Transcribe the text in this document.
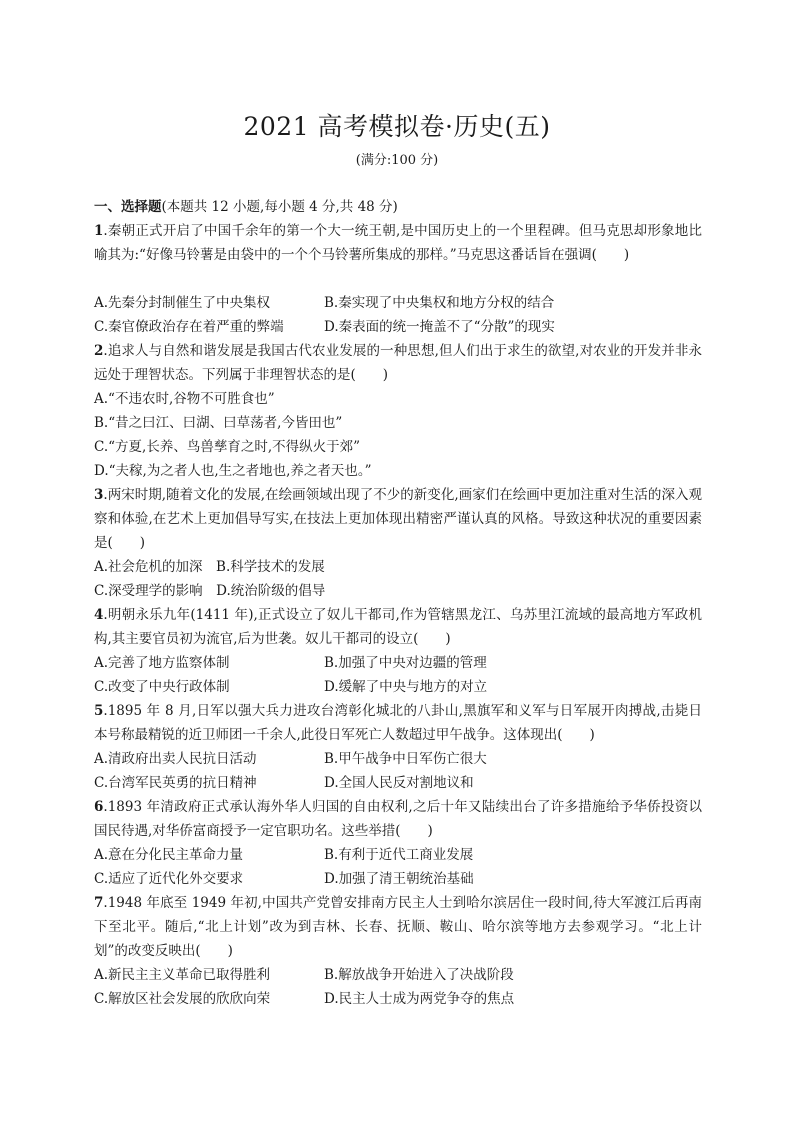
2021 高考模拟卷·历史(五)
(满分:100 分)
一、选择题(本题共 12 小题,每小题 4 分,共 48 分)

1.秦朝正式开启了中国千余年的第一个大一统王朝,是中国历史上的一个里程碑。但马克思却形象地比喻其为:“好像马铃薯是由袋中的一个个马铃薯所集成的那样。”马克思这番话旨在强调(　　)

A.先秦分封制催生了中央集权	B.秦实现了中央集权和地方分权的结合
C.秦官僚政治存在着严重的弊端	D.秦表面的统一掩盖不了“分散”的现实

2.追求人与自然和谐发展是我国古代农业发展的一种思想,但人们出于求生的欲望,对农业的开发并非永远处于理智状态。下列属于非理智状态的是(　　)

A.“不违农时,谷物不可胜食也”
B.“昔之曰江、曰湖、曰草荡者,今皆田也”
C.“方夏,长养、鸟兽孳育之时,不得纵火于郊”
D.“夫稼,为之者人也,生之者地也,养之者天也。”

3.两宋时期,随着文化的发展,在绘画领域出现了不少的新变化,画家们在绘画中更加注重对生活的深入观察和体验,在艺术上更加倡导写实,在技法上更加体现出精密严谨认真的风格。导致这种状况的重要因素是(　　)

A.社会危机的加深　B.科学技术的发展
C.深受理学的影响　D.统治阶级的倡导

4.明朝永乐九年(1411 年),正式设立了奴儿干都司,作为管辖黑龙江、乌苏里江流域的最高地方军政机构,其主要官员初为流官,后为世袭。奴儿干都司的设立(　　)

A.完善了地方监察体制	B.加强了中央对边疆的管理
C.改变了中央行政体制	D.缓解了中央与地方的对立

5.1895 年 8 月,日军以强大兵力进攻台湾彰化城北的八卦山,黑旗军和义军与日军展开肉搏战,击毙日本号称最精锐的近卫师团一千余人,此役日军死亡人数超过甲午战争。这体现出(　　)

A.清政府出卖人民抗日活动	B.甲午战争中日军伤亡很大
C.台湾军民英勇的抗日精神	D.全国人民反对割地议和

6.1893 年清政府正式承认海外华人归国的自由权利,之后十年又陆续出台了许多措施给予华侨投资以国民待遇,对华侨富商授予一定官职功名。这些举措(　　)

A.意在分化民主革命力量	B.有利于近代工商业发展
C.适应了近代化外交要求	D.加强了清王朝统治基础

7.1948 年底至 1949 年初,中国共产党曾安排南方民主人士到哈尔滨居住一段时间,待大军渡江后再南下至北平。随后,“北上计划”改为到吉林、长春、抚顺、鞍山、哈尔滨等地方去参观学习。“北上计划”的改变反映出(　　)

A.新民主主义革命已取得胜利	B.解放战争开始进入了决战阶段
C.解放区社会发展的欣欣向荣	D.民主人士成为两党争夺的焦点
